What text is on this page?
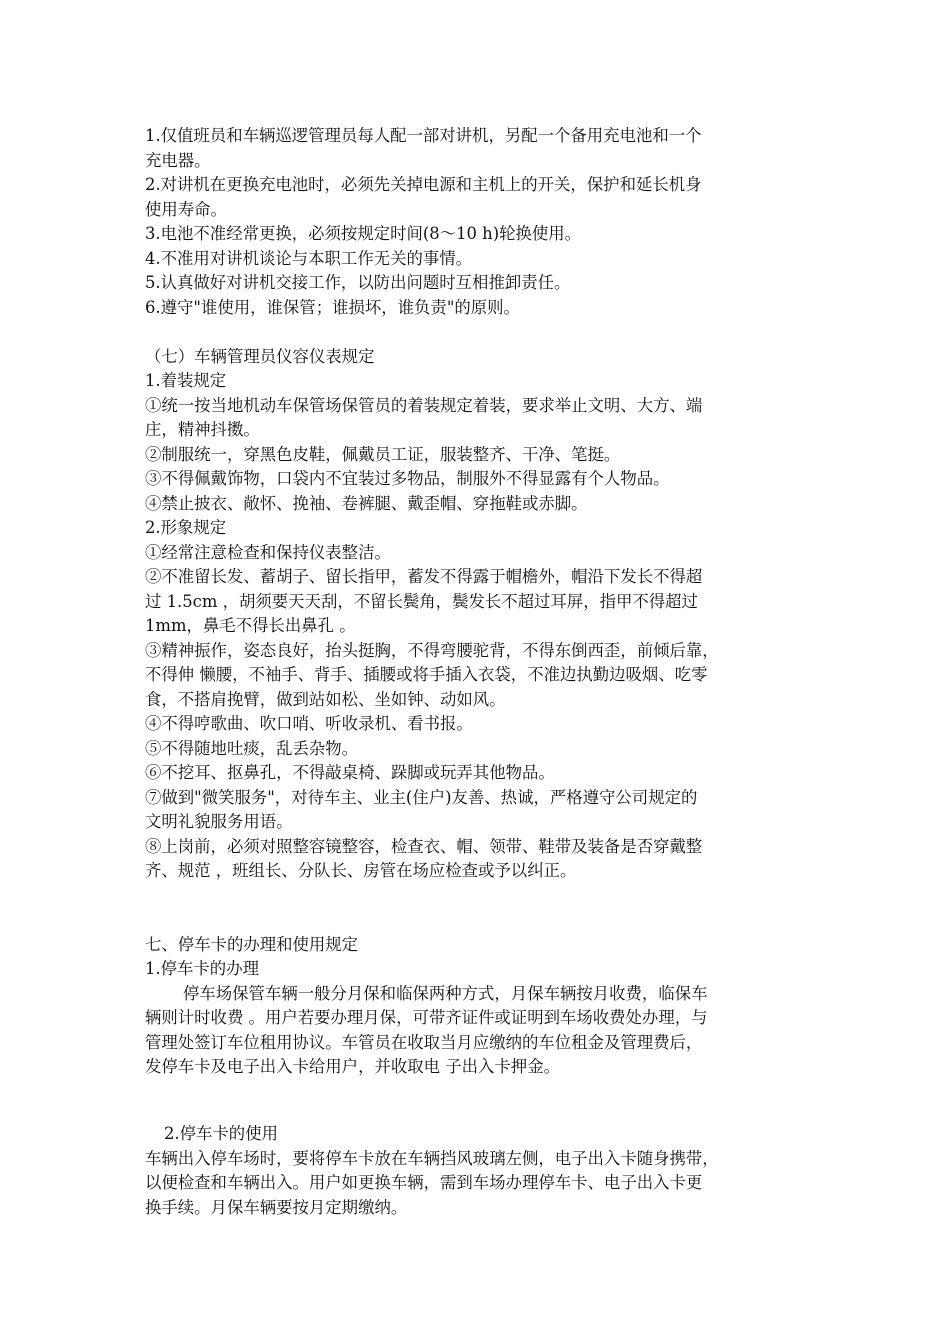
1.仅值班员和车辆巡逻管理员每人配一部对讲机，另配一个备用充电池和一个

充电器。

2.对讲机在更换充电池时，必须先关掉电源和主机上的开关，保护和延长机身

使用寿命。

3.电池不准经常更换，必须按规定时间(8～10 h)轮换使用。

4.不准用对讲机谈论与本职工作无关的事情。

5.认真做好对讲机交接工作，以防出问题时互相推卸责任。

6.遵守"谁使用，谁保管；谁损坏，谁负责"的原则。

（七）车辆管理员仪容仪表规定

1.着装规定

①统一按当地机动车保管场保管员的着装规定着装，要求举止文明、大方、端

庄，精神抖擞。

②制服统一，穿黑色皮鞋，佩戴员工证，服装整齐、干净、笔挺。

③不得佩戴饰物，口袋内不宜装过多物品，制服外不得显露有个人物品。

④禁止披衣、敞怀、挽袖、卷裤腿、戴歪帽、穿拖鞋或赤脚。

2.形象规定

①经常注意检查和保持仪表整洁。

②不准留长发、蓄胡子、留长指甲，蓄发不得露于帽檐外，帽沿下发长不得超

过 1.5cm ，胡须要天天刮，不留长鬓角，鬓发长不超过耳屏，指甲不得超过

1mm，鼻毛不得长出鼻孔 。

③精神振作，姿态良好，抬头挺胸，不得弯腰驼背，不得东倒西歪，前倾后靠，

不得伸 懒腰，不袖手、背手、插腰或将手插入衣袋，不准边执勤边吸烟、吃零

食，不搭肩挽臂，做到站如松、坐如钟、动如风。

④不得哼歌曲、吹口哨、听收录机、看书报。

⑤不得随地吐痰，乱丢杂物。

⑥不挖耳、抠鼻孔，不得敲桌椅、跺脚或玩弄其他物品。

⑦做到"微笑服务"，对待车主、业主(住户)友善、热诚，严格遵守公司规定的

文明礼貌服务用语。

⑧上岗前，必须对照整容镜整容，检查衣、帽、领带、鞋带及装备是否穿戴整

齐、规范 ，班组长、分队长、房管在场应检查或予以纠正。

七、停车卡的办理和使用规定

1.停车卡的办理

停车场保管车辆一般分月保和临保两种方式，月保车辆按月收费，临保车

辆则计时收费 。用户若要办理月保，可带齐证件或证明到车场收费处办理，与

管理处签订车位租用协议。车管员在收取当月应缴纳的车位租金及管理费后，

发停车卡及电子出入卡给用户，并收取电 子出入卡押金。

2.停车卡的使用

车辆出入停车场时，要将停车卡放在车辆挡风玻璃左侧，电子出入卡随身携带，

以便检查和车辆出入。用户如更换车辆，需到车场办理停车卡、电子出入卡更

换手续。月保车辆要按月定期缴纳。
